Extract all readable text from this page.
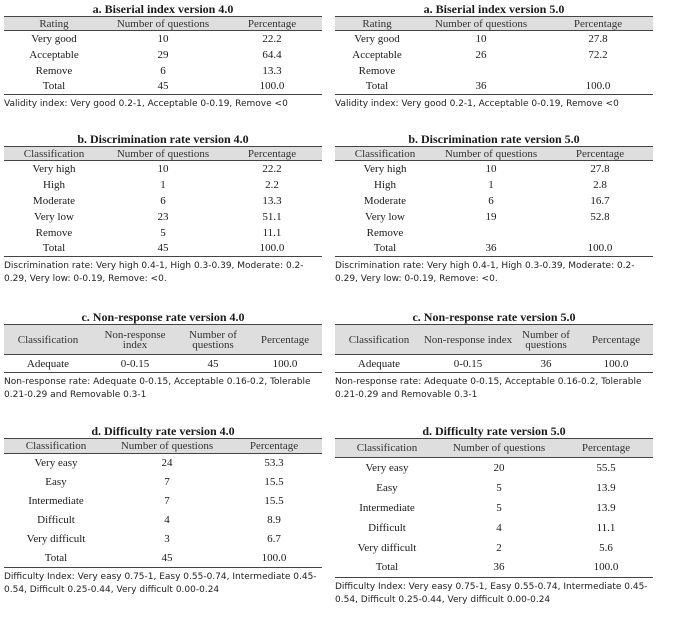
a. Biserial index version 4.0
Rating	Number of questions	Percentage
Very good	10	22.2
Acceptable	29	64.4
Remove	6	13.3
Total	45	100.0
Validity index: Very good 0.2-1, Acceptable 0-0.19, Remove <0
a. Biserial index version 5.0
Rating	Number of questions	Percentage
Very good	10	27.8
Acceptable	26	72.2
Remove		
Total	36	100.0
Validity index: Very good 0.2-1, Acceptable 0-0.19, Remove <0
b. Discrimination rate version 4.0
Classification	Number of questions	Percentage
Very high	10	22.2
High	1	2.2
Moderate	6	13.3
Very low	23	51.1
Remove	5	11.1
Total	45	100.0
Discrimination rate: Very high 0.4-1, High 0.3-0.39, Moderate: 0.2-0.29, Very low: 0-0.19, Remove: <0.
b. Discrimination rate version 5.0
Classification	Number of questions	Percentage
Very high	10	27.8
High	1	2.8
Moderate	6	16.7
Very low	19	52.8
Remove		
Total	36	100.0
Discrimination rate: Very high 0.4-1, High 0.3-0.39, Moderate: 0.2-0.29, Very low: 0-0.19, Remove: <0.
c. Non-response rate version 4.0
Classification	Non-response index	Number of questions	Percentage
Adequate	0-0.15	45	100.0
Non-response rate: Adequate 0-0.15, Acceptable 0.16-0.2, Tolerable 0.21-0.29 and Removable 0.3-1
c. Non-response rate version 5.0
Classification	Non-response index	Number of questions	Percentage
Adequate	0-0.15	36	100.0
Non-response rate: Adequate 0-0.15, Acceptable 0.16-0.2, Tolerable 0.21-0.29 and Removable 0.3-1
d. Difficulty rate version 4.0
Classification	Number of questions	Percentage
Very easy	24	53.3
Easy	7	15.5
Intermediate	7	15.5
Difficult	4	8.9
Very difficult	3	6.7
Total	45	100.0
Difficulty Index: Very easy 0.75-1, Easy 0.55-0.74, Intermediate 0.45-0.54, Difficult 0.25-0.44, Very difficult 0.00-0.24
d. Difficulty rate version 5.0
Classification	Number of questions	Percentage
Very easy	20	55.5
Easy	5	13.9
Intermediate	5	13.9
Difficult	4	11.1
Very difficult	2	5.6
Total	36	100.0
Difficulty Index: Very easy 0.75-1, Easy 0.55-0.74, Intermediate 0.45-0.54, Difficult 0.25-0.44, Very difficult 0.00-0.24
